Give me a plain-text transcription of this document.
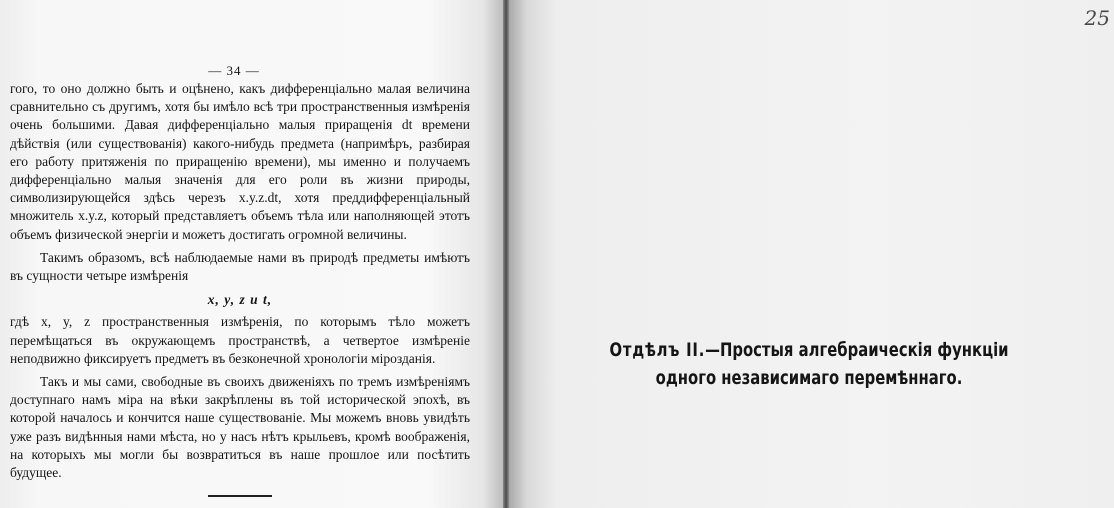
— 34 —

гого, то оно должно быть и оцѣнено, какъ дифференціально малая величина сравнительно съ другимъ, хотя бы имѣло всѣ три пространственныя измѣренія очень большими. Давая дифференціально малыя приращенія dt времени дѣйствія (или существованія) какого-нибудь предмета (напримѣръ, разбирая его работу притяженія по приращенію времени), мы именно и получаемъ дифференціально малыя значенія для его роли въ жизни природы, символизирующейся здѣсь черезъ x.y.z.dt, хотя преддифференціальный множитель x.y.z, который представляетъ объемъ тѣла или наполняющей этотъ объемъ физической энергіи и можетъ достигать огромной величины.

Такимъ образомъ, всѣ наблюдаемые нами въ природѣ предметы имѣютъ въ сущности четыре измѣренія

x, y, z и t,

гдѣ x, y, z пространственныя измѣренія, по которымъ тѣло можетъ перемѣщаться въ окружающемъ пространствѣ, а четвертое измѣреніе неподвижно фиксируетъ предметъ въ безконечной хронологіи мірозданія.

Такъ и мы сами, свободные въ своихъ движеніяхъ по тремъ измѣреніямъ доступнаго намъ міра на вѣки закрѣплены въ той исторической эпохѣ, въ которой началось и кончится наше существованіе. Мы можемъ вновь увидѣть уже разъ видѣнныя нами мѣста, но у насъ нѣтъ крыльевъ, кромѣ воображенія, на которыхъ мы могли бы возвратиться въ наше прошлое или посѣтить будущее.

25
Отдѣлъ II.—Простыя алгебраическія функціи одного независимаго перемѣннаго.
